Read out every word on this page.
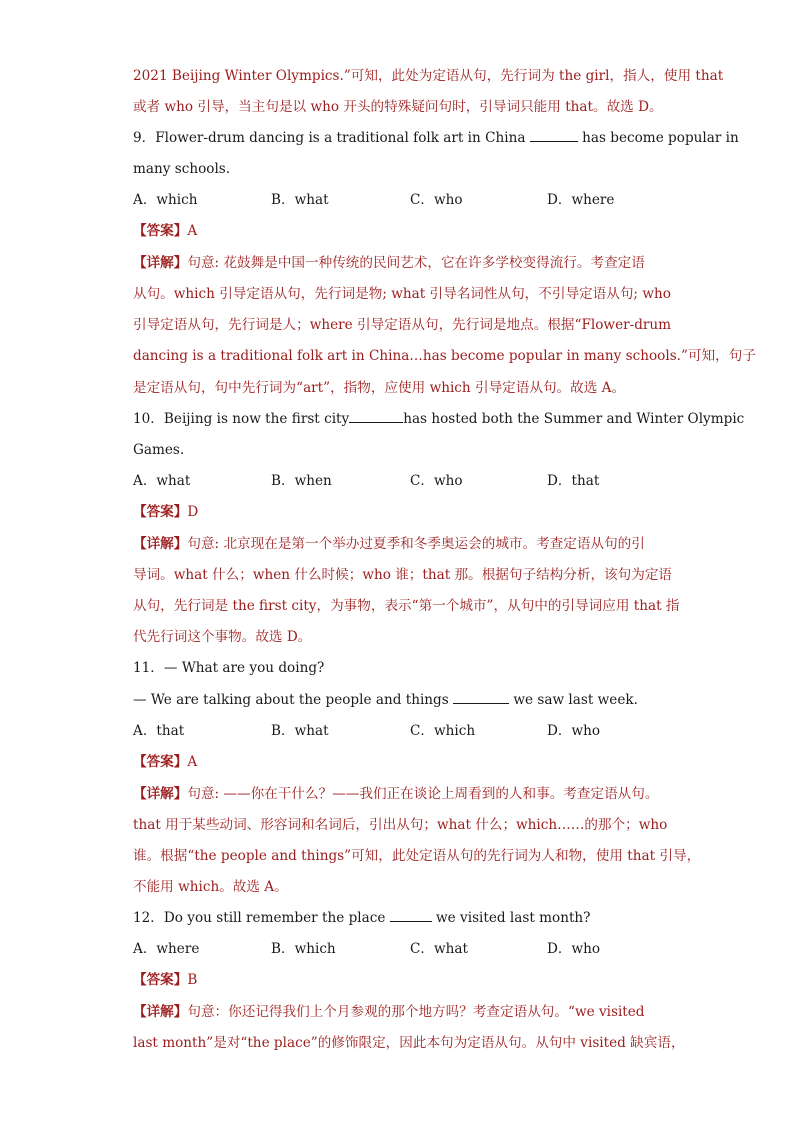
2021 Beijing Winter Olympics.”可知，此处为定语从句，先行词为 the girl，指人，使用 that
或者 who 引导，当主句是以 who 开头的特殊疑问句时，引导词只能用 that。故选 D。
9．Flower-drum dancing is a traditional folk art in China	has become popular in
many schools.
A．which	B．what	C．who	D．where
【答案】A
【详解】句意: 花鼓舞是中国一种传统的民间艺术，它在许多学校变得流行。考查定语
从句。which 引导定语从句，先行词是物; what 引导名词性从句，不引导定语从句; who
引导定语从句，先行词是人；where 引导定语从句，先行词是地点。根据“Flower-drum
dancing is a traditional folk art in China…has become popular in many schools.”可知，句子
是定语从句，句中先行词为“art”，指物，应使用 which 引导定语从句。故选 A。
10．Beijing is now the first city	has hosted both the Summer and Winter Olympic
Games.
A．what	B．when	C．who	D．that
【答案】D
【详解】句意: 北京现在是第一个举办过夏季和冬季奥运会的城市。考查定语从句的引
导词。what 什么；when 什么时候；who 谁；that 那。根据句子结构分析，该句为定语
从句，先行词是 the first city，为事物，表示“第一个城市”，从句中的引导词应用 that 指
代先行词这个事物。故选 D。
11．— What are you doing?
— We are talking about the people and things	we saw last week.
A．that	B．what	C．which	D．who
【答案】A
【详解】句意: ——你在干什么？——我们正在谈论上周看到的人和事。考查定语从句。
that 用于某些动词、形容词和名词后，引出从句；what 什么；which……的那个；who
谁。根据“the people and things”可知，此处定语从句的先行词为人和物，使用 that 引导，
不能用 which。故选 A。
12．Do you still remember the place	we visited last month?
A．where	B．which	C．what	D．who
【答案】B
【详解】句意：你还记得我们上个月参观的那个地方吗？考查定语从句。“we visited
last month”是对“the place”的修饰限定，因此本句为定语从句。从句中 visited 缺宾语，
